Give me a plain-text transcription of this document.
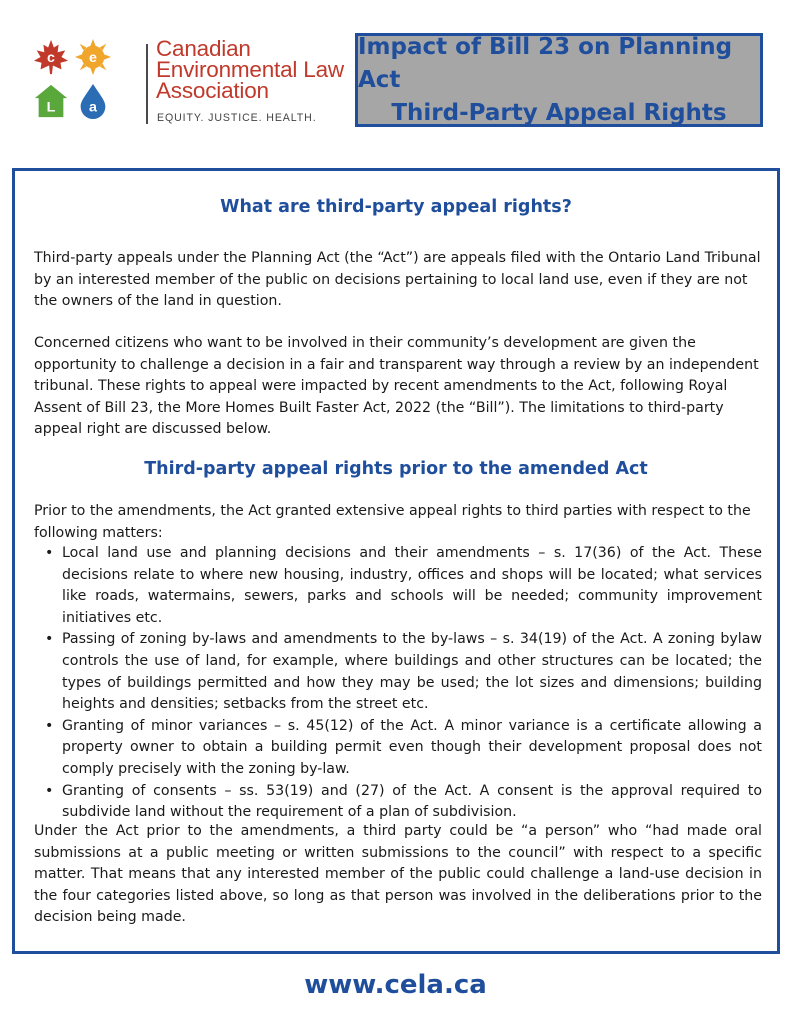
c e
L a
Canadian
Environmental Law
Association
EQUITY. JUSTICE. HEALTH.
Impact of Bill 23 on Planning Act
Third-Party Appeal Rights
What are third-party appeal rights?

Third-party appeals under the Planning Act (the “Act”) are appeals filed with the Ontario Land Tribunal by an interested member of the public on decisions pertaining to local land use, even if they are not the owners of the land in question.

Concerned citizens who want to be involved in their community’s development are given the opportunity to challenge a decision in a fair and transparent way through a review by an independent tribunal. These rights to appeal were impacted by recent amendments to the Act, following Royal Assent of Bill 23, the More Homes Built Faster Act, 2022 (the “Bill”). The limitations to third-party appeal right are discussed below.

Third-party appeal rights prior to the amended Act

Prior to the amendments, the Act granted extensive appeal rights to third parties with respect to the following matters:

• Local land use and planning decisions and their amendments – s. 17(36) of the Act. These decisions relate to where new housing, industry, offices and shops will be located; what services like roads, watermains, sewers, parks and schools will be needed; community improvement initiatives etc.
• Passing of zoning by-laws and amendments to the by-laws – s. 34(19) of the Act. A zoning bylaw controls the use of land, for example, where buildings and other structures can be located; the types of buildings permitted and how they may be used; the lot sizes and dimensions; building heights and densities; setbacks from the street etc.
• Granting of minor variances – s. 45(12) of the Act. A minor variance is a certificate allowing a property owner to obtain a building permit even though their development proposal does not comply precisely with the zoning by-law.
• Granting of consents – ss. 53(19) and (27) of the Act. A consent is the approval required to subdivide land without the requirement of a plan of subdivision.

Under the Act prior to the amendments, a third party could be “a person” who “had made oral submissions at a public meeting or written submissions to the council” with respect to a specific matter. That means that any interested member of the public could challenge a land-use decision in the four categories listed above, so long as that person was involved in the deliberations prior to the decision being made.

www.cela.ca
